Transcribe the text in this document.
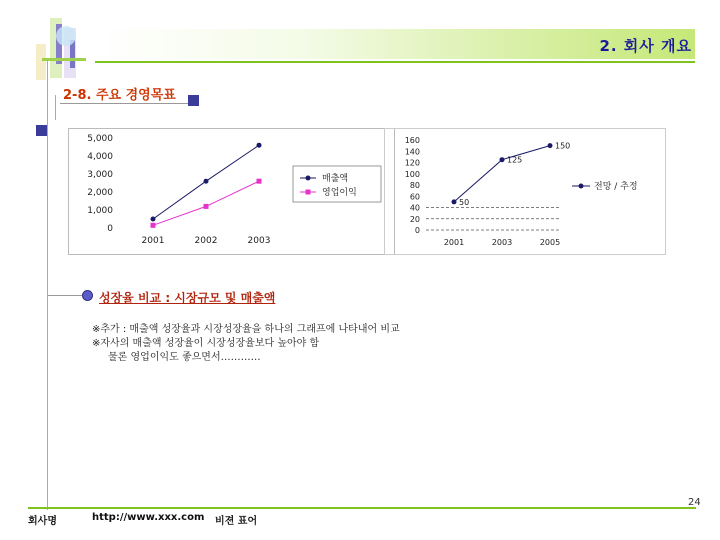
2. 회사 개요
2-8. 주요 경영목표
5,000
4,000
3,000
2,000
1,000
0
2001	2002	2003
매출액
영업이익
160
140
120
100
80
60
40
20
0
2001	2003	2005
50
125
150
전망 / 추정
성장율 비교 : 시장규모 및 매출액
※추가 : 매출액 성장율과 시장성장율을 하나의 그래프에 나타내어 비교
※자사의 매출액 성장율이 시장성장율보다 높아야 함
물론 영업이익도 좋으면서…………
회사명	http://www.xxx.com 비젼 표어
24
